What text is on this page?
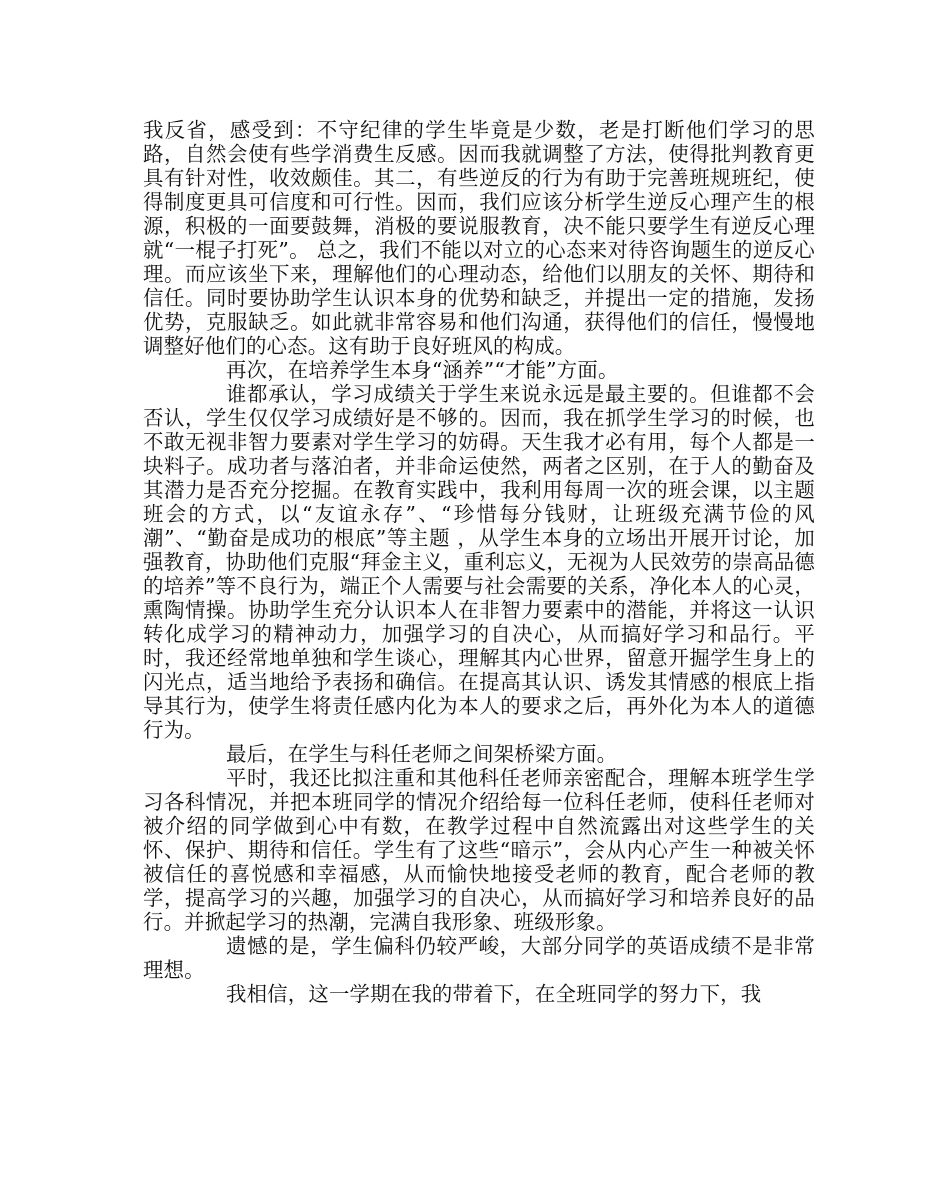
我反省，感受到：不守纪律的学生毕竟是少数，老是打断他们学习的思路，自然会使有些学消费生反感。因而我就调整了方法，使得批判教育更具有针对性，收效颇佳。其二，有些逆反的行为有助于完善班规班纪，使得制度更具可信度和可行性。因而，我们应该分析学生逆反心理产生的根源，积极的一面要鼓舞，消极的要说服教育，决不能只要学生有逆反心理就“一棍子打死”。 总之，我们不能以对立的心态来对待咨询题生的逆反心理。而应该坐下来，理解他们的心理动态，给他们以朋友的关怀、期待和信任。同时要协助学生认识本身的优势和缺乏，并提出一定的措施，发扬优势，克服缺乏。如此就非常容易和他们沟通，获得他们的信任，慢慢地调整好他们的心态。这有助于良好班风的构成。

再次，在培养学生本身“涵养”“才能”方面。

谁都承认，学习成绩关于学生来说永远是最主要的。但谁都不会否认，学生仅仅学习成绩好是不够的。因而，我在抓学生学习的时候，也不敢无视非智力要素对学生学习的妨碍。天生我才必有用，每个人都是一块料子。成功者与落泊者，并非命运使然，两者之区别，在于人的勤奋及其潜力是否充分挖掘。在教育实践中，我利用每周一次的班会课，以主题班会的方式，以“友谊永存”、“珍惜每分钱财，让班级充满节俭的风潮”、“勤奋是成功的根底”等主题 ，从学生本身的立场出开展开讨论，加强教育，协助他们克服“拜金主义，重利忘义，无视为人民效劳的崇高品德的培养”等不良行为，端正个人需要与社会需要的关系，净化本人的心灵，熏陶情操。协助学生充分认识本人在非智力要素中的潜能，并将这一认识转化成学习的精神动力，加强学习的自决心，从而搞好学习和品行。平时，我还经常地单独和学生谈心，理解其内心世界，留意开掘学生身上的闪光点，适当地给予表扬和确信。在提高其认识、诱发其情感的根底上指导其行为，使学生将责任感内化为本人的要求之后，再外化为本人的道德行为。

最后，在学生与科任老师之间架桥梁方面。

平时，我还比拟注重和其他科任老师亲密配合，理解本班学生学习各科情况，并把本班同学的情况介绍给每一位科任老师，使科任老师对被介绍的同学做到心中有数，在教学过程中自然流露出对这些学生的关怀、保护、期待和信任。学生有了这些“暗示”，会从内心产生一种被关怀被信任的喜悦感和幸福感，从而愉快地接受老师的教育，配合老师的教学，提高学习的兴趣，加强学习的自决心，从而搞好学习和培养良好的品行。并掀起学习的热潮，完满自我形象、班级形象。

遗憾的是，学生偏科仍较严峻，大部分同学的英语成绩不是非常理想。

我相信，这一学期在我的带着下，在全班同学的努力下，我
